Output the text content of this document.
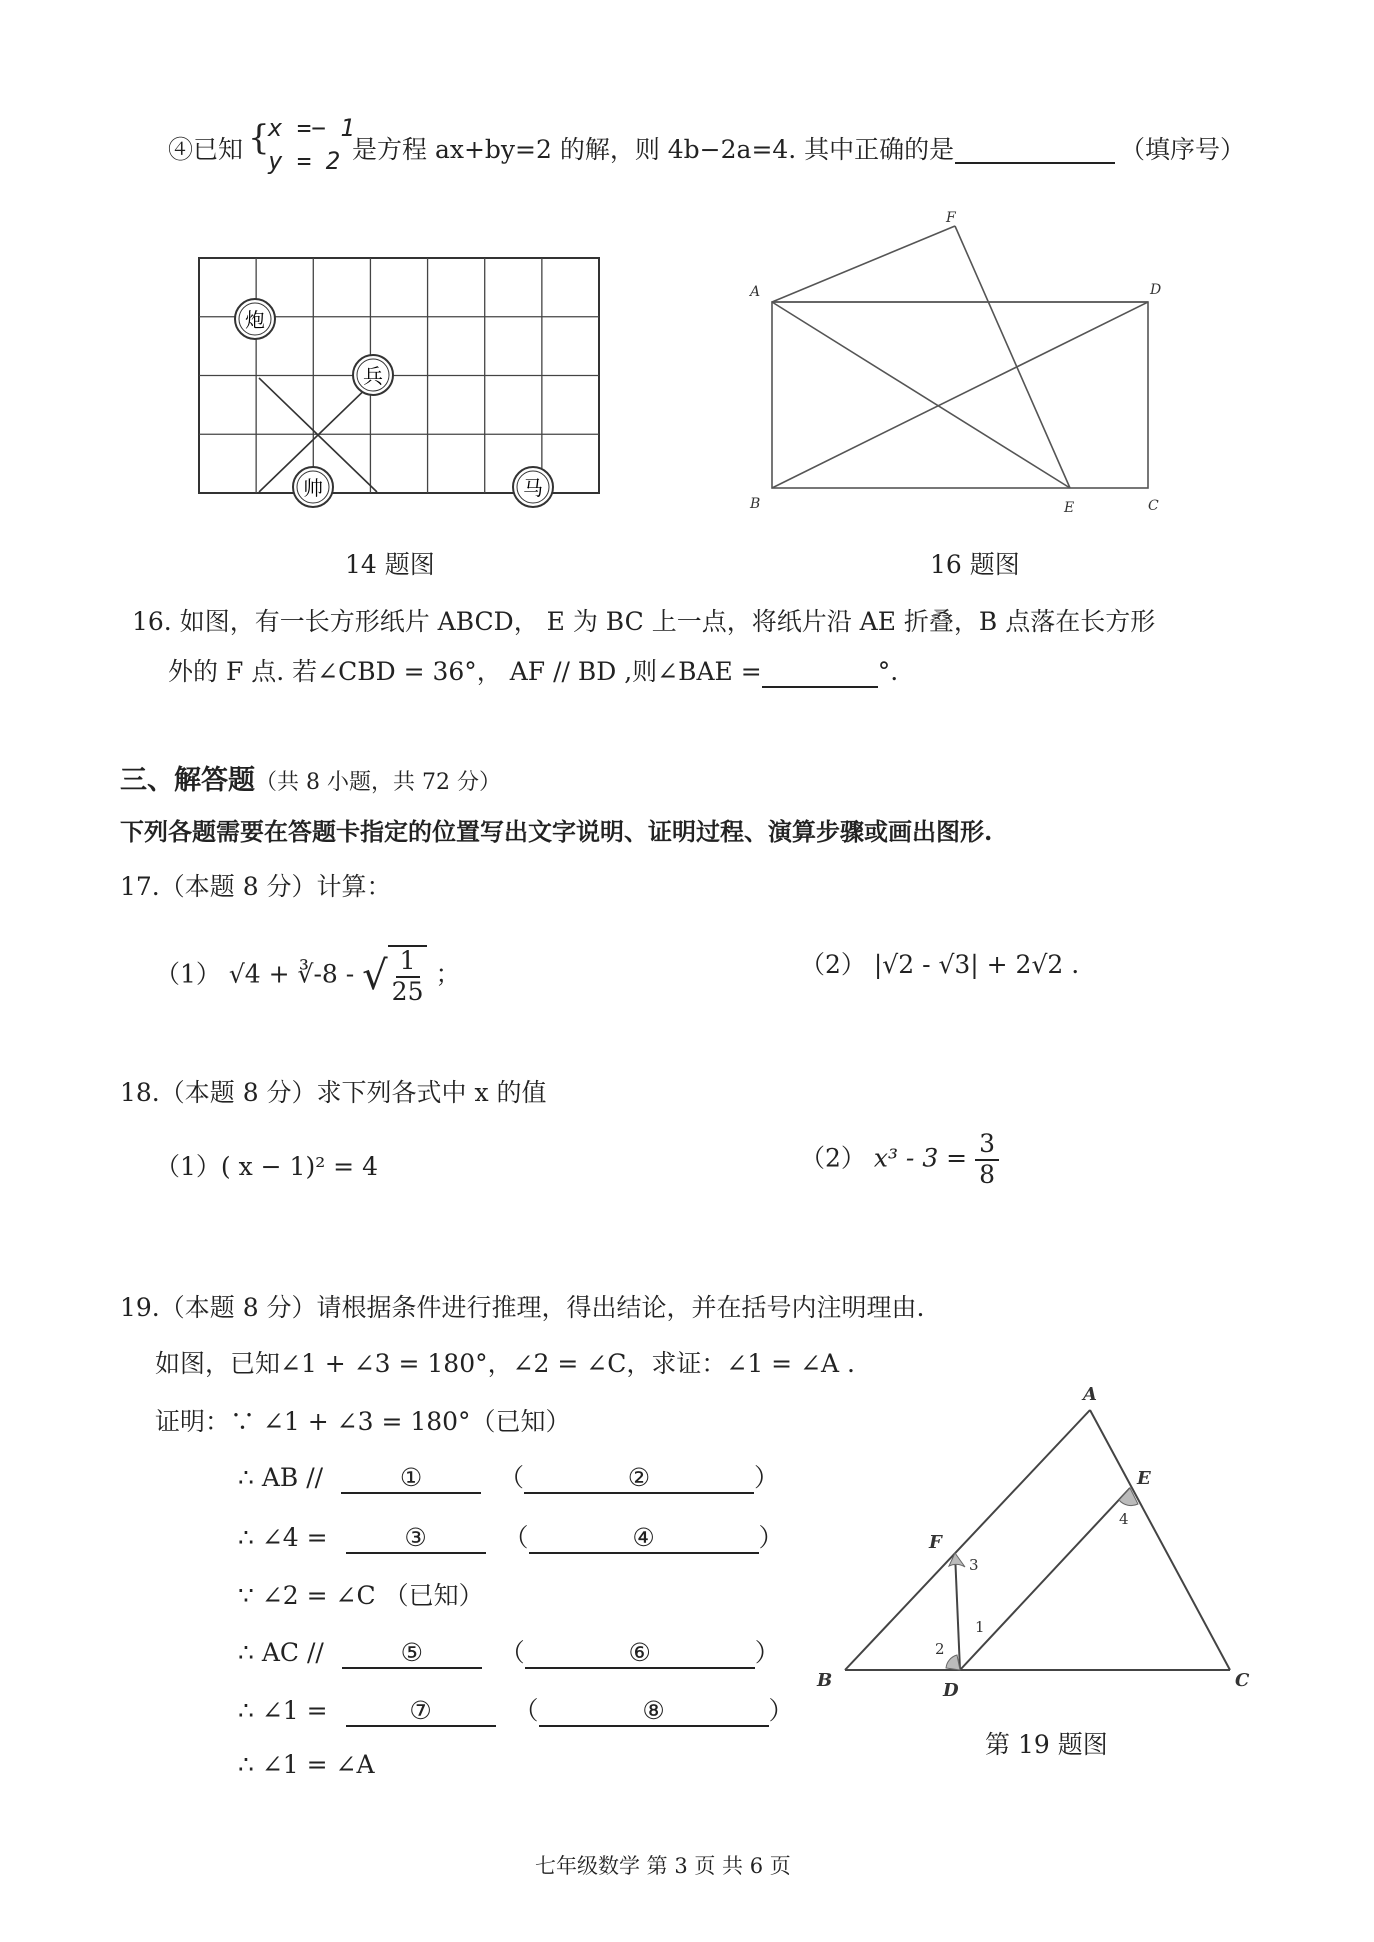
④已知 {
x =− 1
y = 2 是方程 ax+by=2 的解，则 4b−2a=4. 其中正确的是	（填序号）
炮
兵
帅	马
14 题图
F
A	D
B	E	C
16 题图
16. 如图，有一长方形纸片 ABCD， E 为 BC 上一点，将纸片沿 AE 折叠，B 点落在长方形
外的 F 点. 若∠CBD = 36°， AF // BD ,则∠BAE =	°.
三、解答题（共 8 小题，共 72 分）
下列各题需要在答题卡指定的位置写出文字说明、证明过程、演算步骤或画出图形.
17.（本题 8 分）计算：
（1） √4 + ∛-8 - √ $\frac{1}{25}$ ；	（2） |√2 - √3| + 2√2 .
18.（本题 8 分）求下列各式中 x 的值
（1）( x − 1)² = 4	（2） $x^3 - 3 = \frac{3}{8}$
19.（本题 8 分）请根据条件进行推理，得出结论，并在括号内注明理由.
如图，已知∠1 + ∠3 = 180°，∠2 = ∠C，求证：∠1 = ∠A .
证明：∵ ∠1 + ∠3 = 180°（已知）
∴ AB //	①	（	②	）
∴ ∠4 =	③	（	④	）
∵ ∠2 = ∠C （已知）
∴ AC //	⑤	（	⑥	）
∴ ∠1 =	⑦	（	⑧	）
∴ ∠1 = ∠A
A
E
4
F
3
1
2
B	D	C
第 19 题图
七年级数学 第 3 页 共 6 页
